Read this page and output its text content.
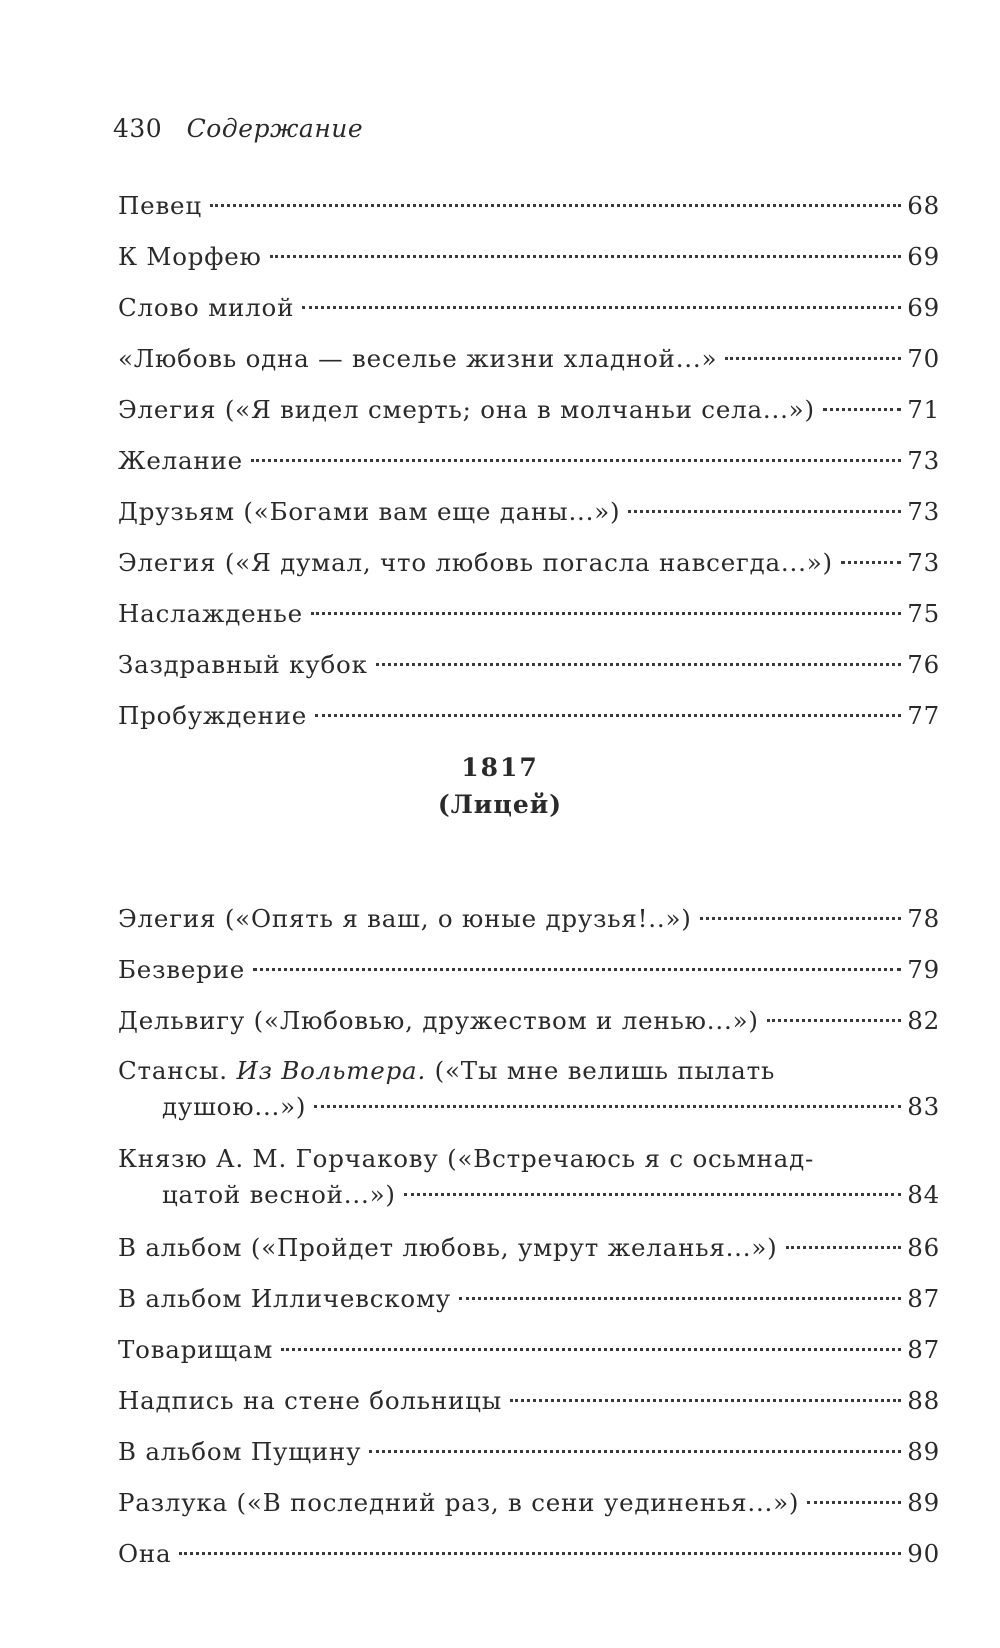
430 Содержание
Певец	68
К Морфею	69
Слово милой	69
«Любовь одна — веселье жизни хладной...»	70
Элегия («Я видел смерть; она в молчаньи села...»)	71
Желание	73
Друзьям («Богами вам еще даны...»)	73
Элегия («Я думал, что любовь погасла навсегда...»)	73
Наслажденье	75
Заздравный кубок	76
Пробуждение	77
1817
(Лицей)
Элегия («Опять я ваш, о юные друзья!..»)	78
Безверие	79
Дельвигу («Любовью, дружеством и ленью...»)	82
Стансы. Из Вольтера. («Ты мне велишь пылать
душою...»)	83
Князю А. М. Горчакову («Встречаюсь я с осьмнад-
цатой весной...»)	84
В альбом («Пройдет любовь, умрут желанья...»)	86
В альбом Илличевскому	87
Товарищам	87
Надпись на стене больницы	88
В альбом Пущину	89
Разлука («В последний раз, в сени уединенья...»)	89
Она	90
